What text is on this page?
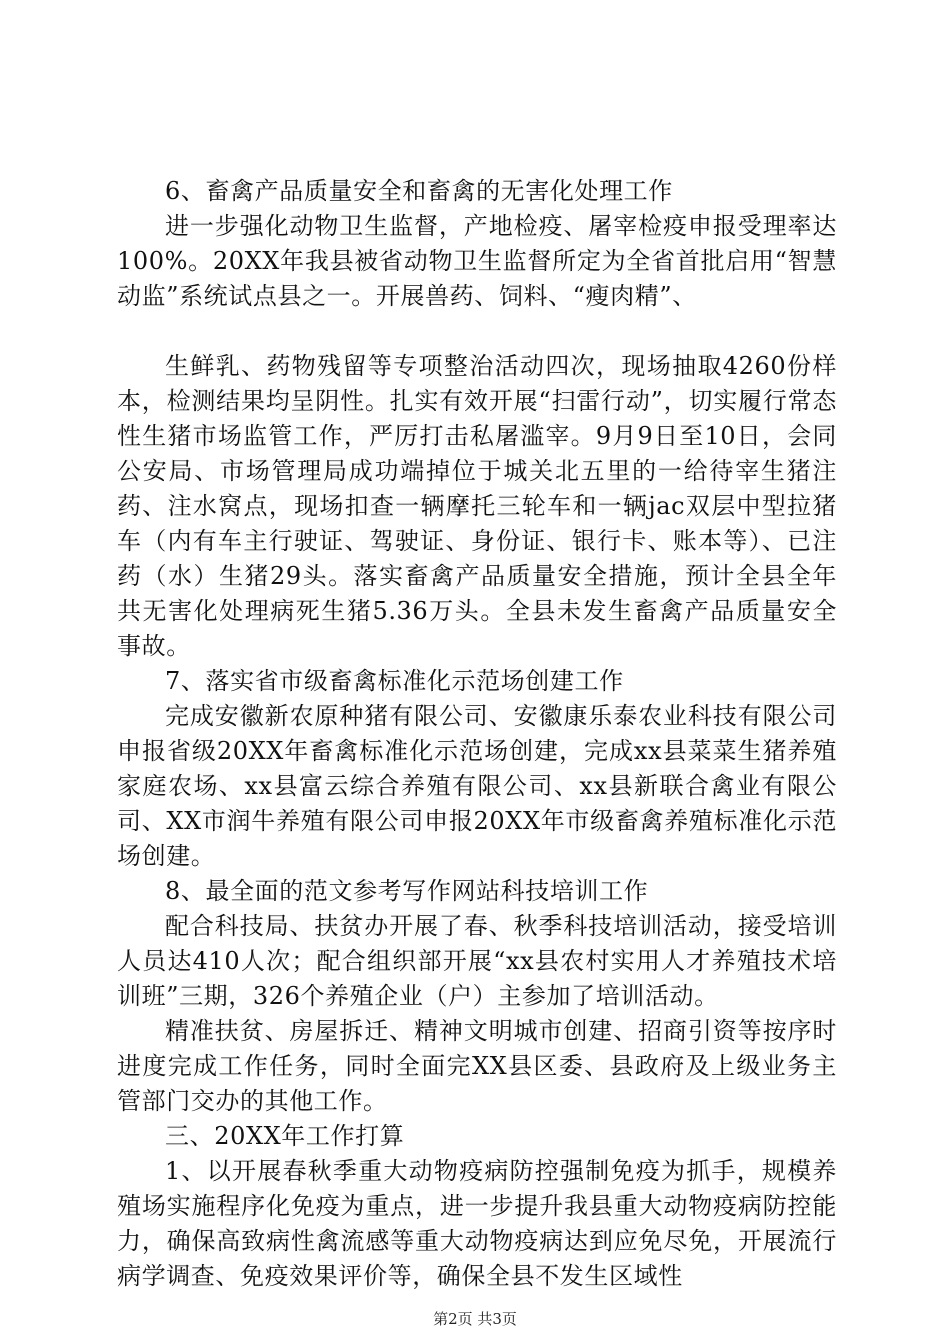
6、畜禽产品质量安全和畜禽的无害化处理工作

进一步强化动物卫生监督，产地检疫、屠宰检疫申报受理率达100%。20XX年我县被省动物卫生监督所定为全省首批启用“智慧动监”系统试点县之一。开展兽药、饲料、“瘦肉精”、

生鲜乳、药物残留等专项整治活动四次，现场抽取4260份样本，检测结果均呈阴性。扎实有效开展“扫雷行动”，切实履行常态性生猪市场监管工作，严厉打击私屠滥宰。9月9日至10日，会同公安局、市场管理局成功端掉位于城关北五里的一给待宰生猪注药、注水窝点，现场扣查一辆摩托三轮车和一辆jac双层中型拉猪车（内有车主行驶证、驾驶证、身份证、银行卡、账本等）、已注药（水）生猪29头。落实畜禽产品质量安全措施，预计全县全年共无害化处理病死生猪5.36万头。全县未发生畜禽产品质量安全事故。

7、落实省市级畜禽标准化示范场创建工作

完成安徽新农原种猪有限公司、安徽康乐泰农业科技有限公司申报省级20XX年畜禽标准化示范场创建，完成xx县菜菜生猪养殖家庭农场、xx县富云综合养殖有限公司、xx县新联合禽业有限公司、XX市润牛养殖有限公司申报20XX年市级畜禽养殖标准化示范场创建。

8、最全面的范文参考写作网站科技培训工作

配合科技局、扶贫办开展了春、秋季科技培训活动，接受培训人员达410人次；配合组织部开展“xx县农村实用人才养殖技术培训班”三期，326个养殖企业（户）主参加了培训活动。

精准扶贫、房屋拆迁、精神文明城市创建、招商引资等按序时进度完成工作任务，同时全面完XX县区委、县政府及上级业务主管部门交办的其他工作。

三、20XX年工作打算

1、以开展春秋季重大动物疫病防控强制免疫为抓手，规模养殖场实施程序化免疫为重点，进一步提升我县重大动物疫病防控能力，确保高致病性禽流感等重大动物疫病达到应免尽免，开展流行病学调查、免疫效果评价等，确保全县不发生区域性

第2页 共3页
